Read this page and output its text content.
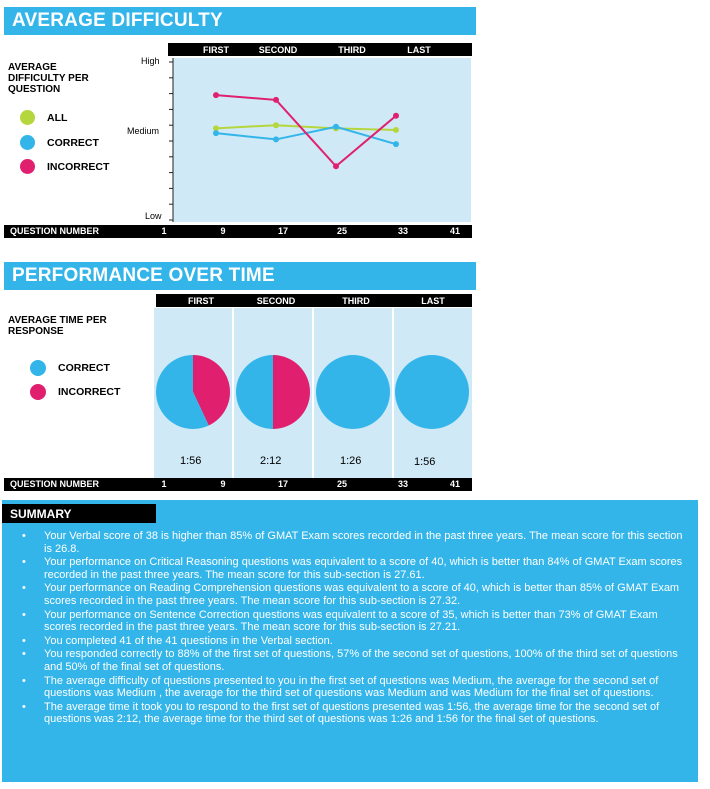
AVERAGE DIFFICULTY
FIRST	SECOND	THIRD	LAST
AVERAGE
DIFFICULTY PER
QUESTION
ALL
CORRECT
INCORRECT
High
Medium
Low
QUESTION NUMBER	1	9	17	25	33	41
PERFORMANCE OVER TIME
FIRST	SECOND	THIRD	LAST
AVERAGE TIME PER
RESPONSE
CORRECT
INCORRECT
1:56	2:12	1:26	1:56
QUESTION NUMBER	1	9	17	25	33	41
SUMMARY
• Your Verbal score of 38 is higher than 85% of GMAT Exam scores recorded in the past three years. The mean score for this section is 26.8.
• Your performance on Critical Reasoning questions was equivalent to a score of 40, which is better than 84% of GMAT Exam scores recorded in the past three years. The mean score for this sub-section is 27.61.
• Your performance on Reading Comprehension questions was equivalent to a score of 40, which is better than 85% of GMAT Exam scores recorded in the past three years. The mean score for this sub-section is 27.32.
• Your performance on Sentence Correction questions was equivalent to a score of 35, which is better than 73% of GMAT Exam scores recorded in the past three years. The mean score for this sub-section is 27.21.
• You completed 41 of the 41 questions in the Verbal section.
• You responded correctly to 88% of the first set of questions, 57% of the second set of questions, 100% of the third set of questions and 50% of the final set of questions.
• The average difficulty of questions presented to you in the first set of questions was Medium, the average for the second set of questions was Medium , the average for the third set of questions was Medium and was Medium for the final set of questions.
• The average time it took you to respond to the first set of questions presented was 1:56, the average time for the second set of questions was 2:12, the average time for the third set of questions was 1:26 and 1:56 for the final set of questions.
